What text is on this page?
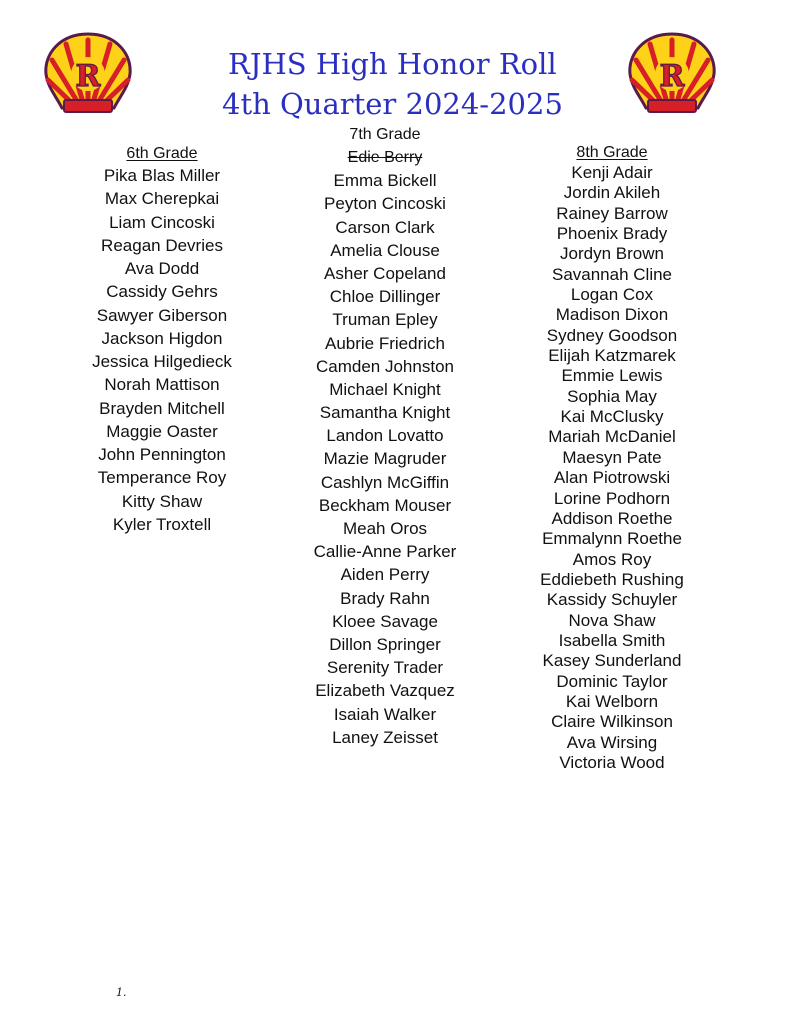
R	R
RJHS High Honor Roll
4th Quarter 2024-2025
6th Grade
Pika Blas Miller
Max Cherepkai
Liam Cincoski
Reagan Devries
Ava Dodd
Cassidy Gehrs
Sawyer Giberson
Jackson Higdon
Jessica Hilgedieck
Norah Mattison
Brayden Mitchell
Maggie Oaster
John Pennington
Temperance Roy
Kitty Shaw
Kyler Troxtell
7th Grade
Edie Berry
Emma Bickell
Peyton Cincoski
Carson Clark
Amelia Clouse
Asher Copeland
Chloe Dillinger
Truman Epley
Aubrie Friedrich
Camden Johnston
Michael Knight
Samantha Knight
Landon Lovatto
Mazie Magruder
Cashlyn McGiffin
Beckham Mouser
Meah Oros
Callie-Anne Parker
Aiden Perry
Brady Rahn
Kloee Savage
Dillon Springer
Serenity Trader
Elizabeth Vazquez
Isaiah Walker
Laney Zeisset
8th Grade
Kenji Adair
Jordin Akileh
Rainey Barrow
Phoenix Brady
Jordyn Brown
Savannah Cline
Logan Cox
Madison Dixon
Sydney Goodson
Elijah Katzmarek
Emmie Lewis
Sophia May
Kai McClusky
Mariah McDaniel
Maesyn Pate
Alan Piotrowski
Lorine Podhorn
Addison Roethe
Emmalynn Roethe
Amos Roy
Eddiebeth Rushing
Kassidy Schuyler
Nova Shaw
Isabella Smith
Kasey Sunderland
Dominic Taylor
Kai Welborn
Claire Wilkinson
Ava Wirsing
Victoria Wood
1.
